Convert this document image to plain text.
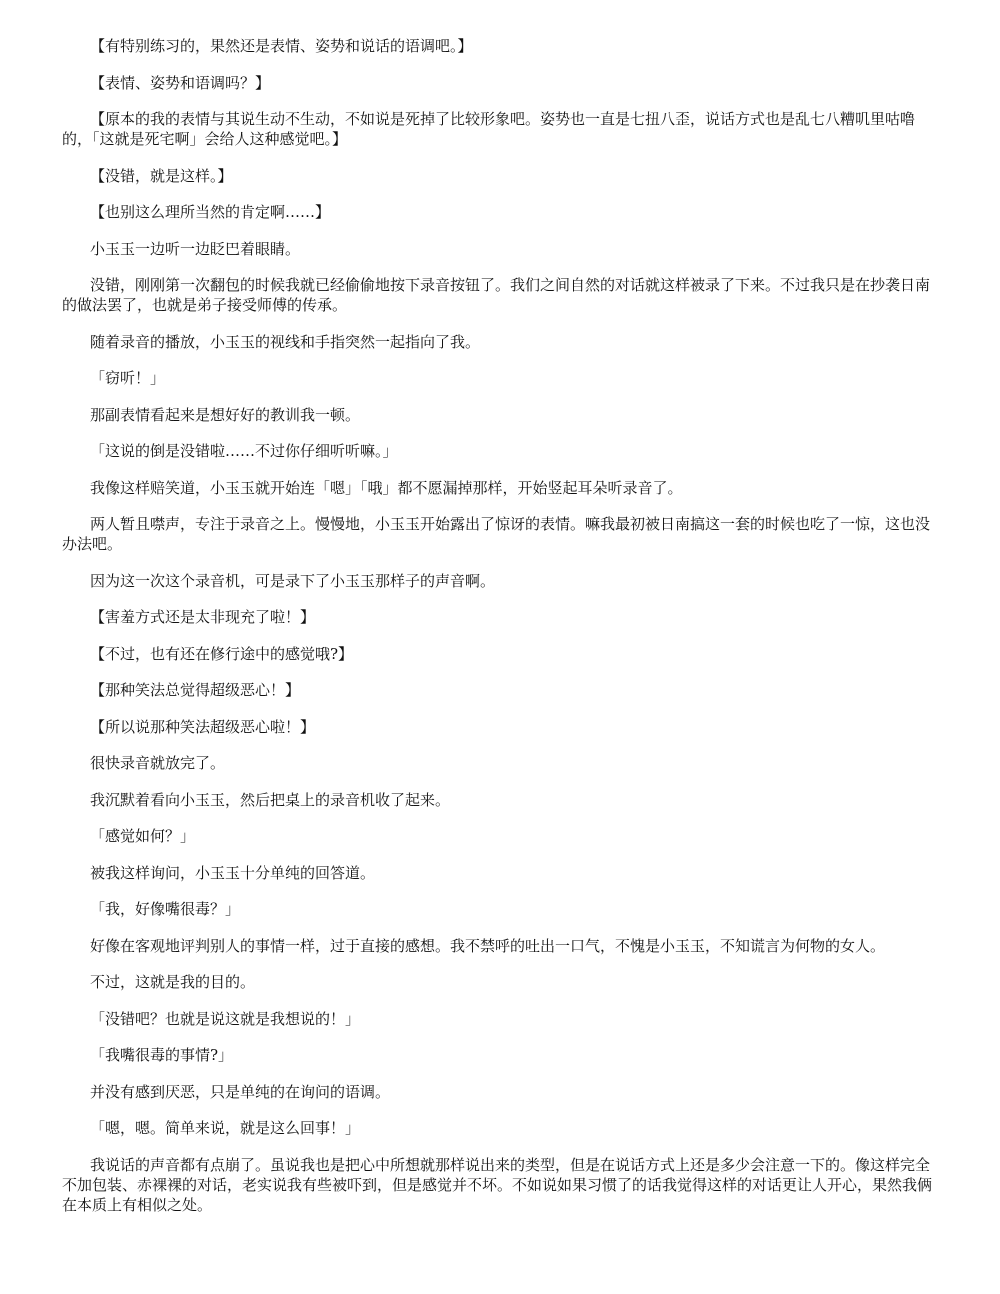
【有特别练习的，果然还是表情、姿势和说话的语调吧。】

【表情、姿势和语调吗？】

【原本的我的表情与其说生动不生动，不如说是死掉了比较形象吧。姿势也一直是七扭八歪，说话方式也是乱七八糟叽里咕噜的，「这就是死宅啊」会给人这种感觉吧。】

【没错，就是这样。】

【也别这么理所当然的肯定啊……】

小玉玉一边听一边眨巴着眼睛。

没错，刚刚第一次翻包的时候我就已经偷偷地按下录音按钮了。我们之间自然的对话就这样被录了下来。不过我只是在抄袭日南的做法罢了，也就是弟子接受师傅的传承。

随着录音的播放，小玉玉的视线和手指突然一起指向了我。

「窃听！」

那副表情看起来是想好好的教训我一顿。

「这说的倒是没错啦……不过你仔细听听嘛。」

我像这样赔笑道，小玉玉就开始连「嗯」「哦」都不愿漏掉那样，开始竖起耳朵听录音了。

两人暂且噤声，专注于录音之上。慢慢地，小玉玉开始露出了惊讶的表情。嘛我最初被日南搞这一套的时候也吃了一惊，这也没办法吧。

因为这一次这个录音机，可是录下了小玉玉那样子的声音啊。

【害羞方式还是太非现充了啦！】

【不过，也有还在修行途中的感觉哦?】

【那种笑法总觉得超级恶心！】

【所以说那种笑法超级恶心啦！】

很快录音就放完了。

我沉默着看向小玉玉，然后把桌上的录音机收了起来。

「感觉如何？」

被我这样询问，小玉玉十分单纯的回答道。

「我，好像嘴很毒？」

好像在客观地评判别人的事情一样，过于直接的感想。我不禁呼的吐出一口气，不愧是小玉玉，不知谎言为何物的女人。

不过，这就是我的目的。

「没错吧？也就是说这就是我想说的！」

「我嘴很毒的事情?」

并没有感到厌恶，只是单纯的在询问的语调。

「嗯，嗯。简单来说，就是这么回事！」

我说话的声音都有点崩了。虽说我也是把心中所想就那样说出来的类型，但是在说话方式上还是多少会注意一下的。像这样完全不加包装、赤裸裸的对话，老实说我有些被吓到，但是感觉并不坏。不如说如果习惯了的话我觉得这样的对话更让人开心，果然我俩在本质上有相似之处。
